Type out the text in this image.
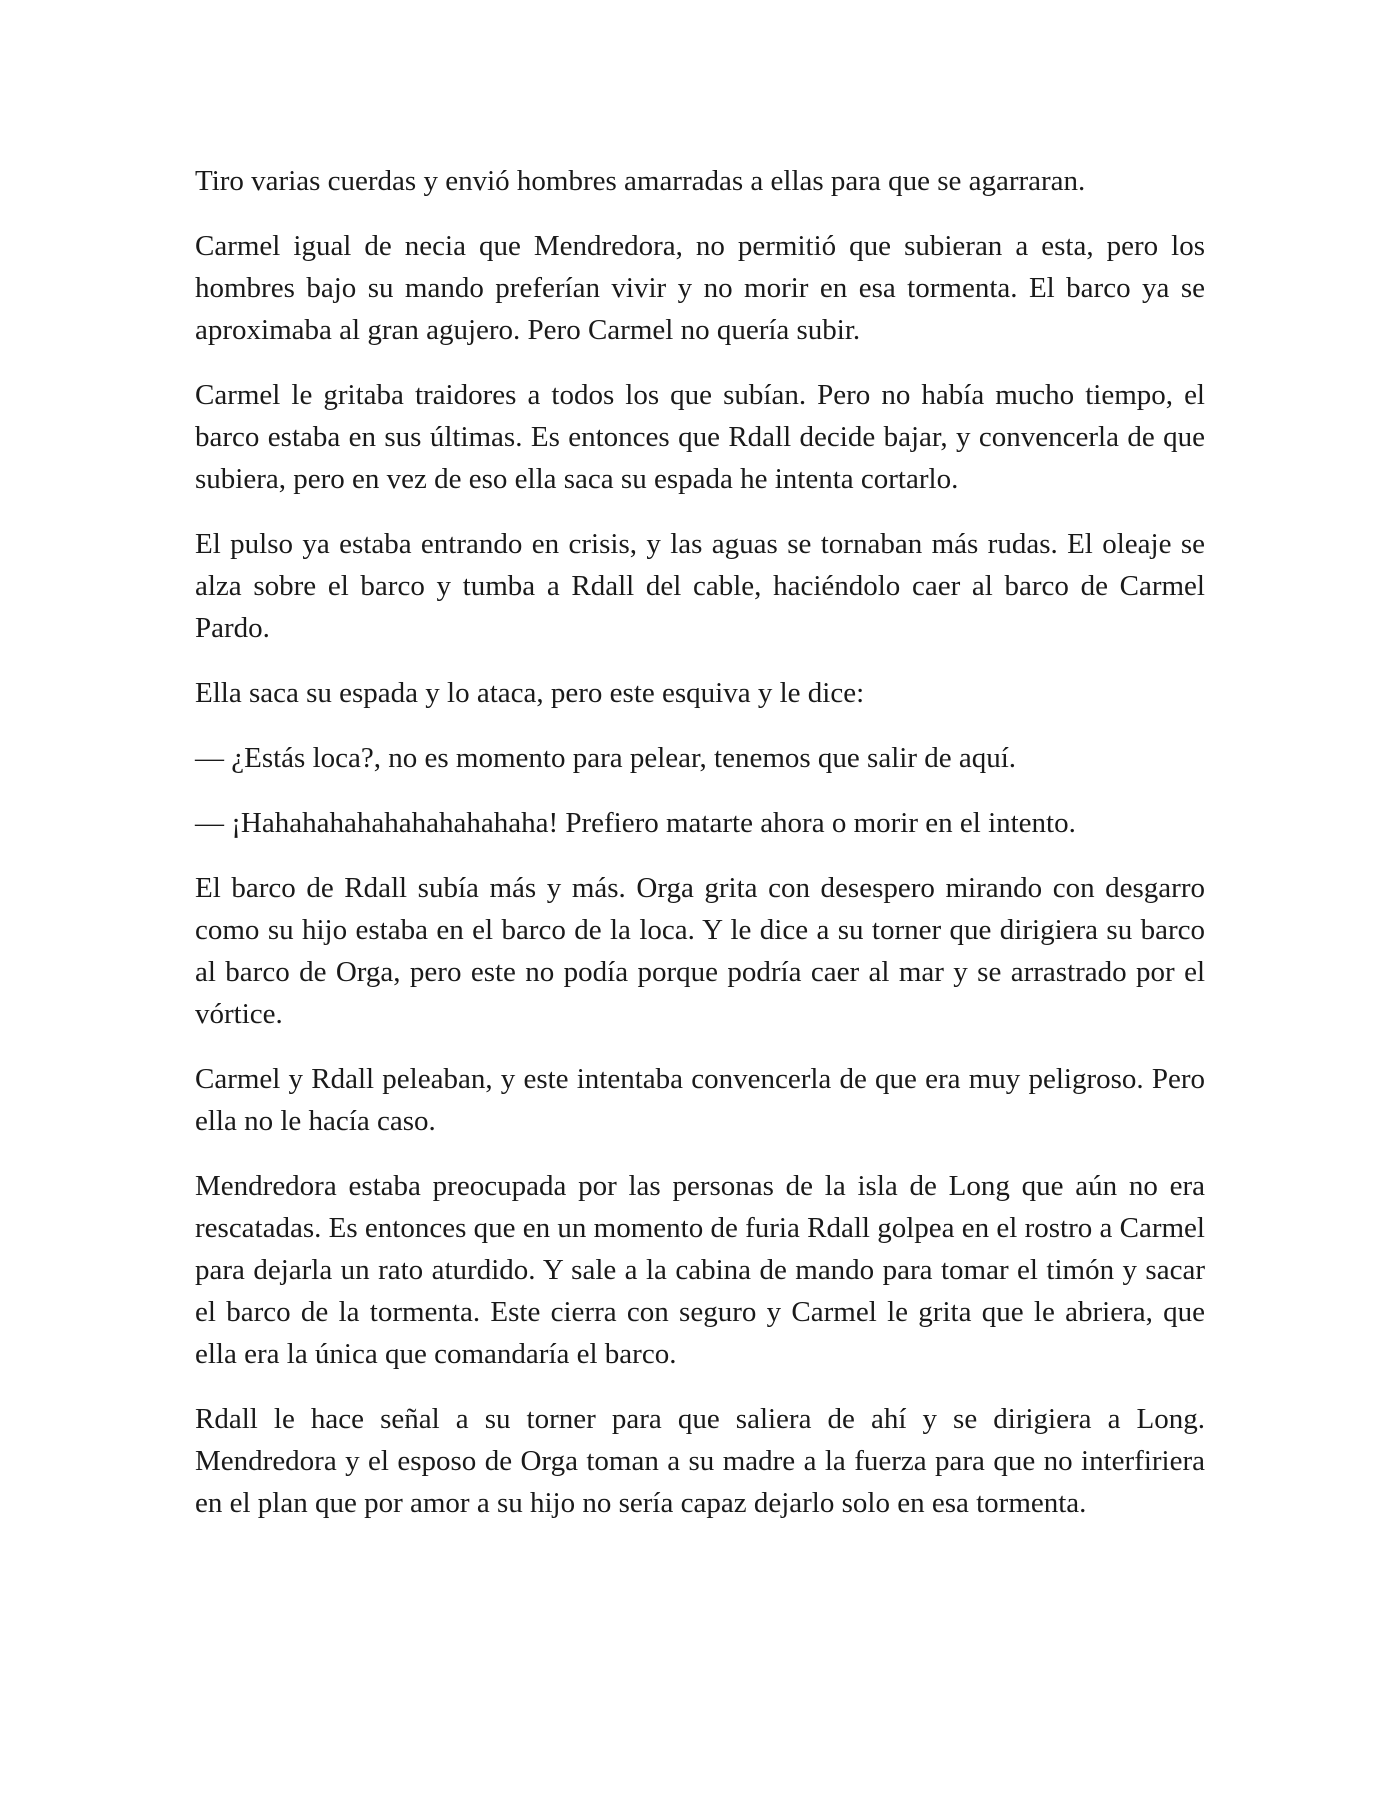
Tiro varias cuerdas y envió hombres amarradas a ellas para que se agarraran.

Carmel igual de necia que Mendredora, no permitió que subieran a esta, pero los hombres bajo su mando preferían vivir y no morir en esa tormenta. El barco ya se aproximaba al gran agujero. Pero Carmel no quería subir.

Carmel le gritaba traidores a todos los que subían. Pero no había mucho tiempo, el barco estaba en sus últimas. Es entonces que Rdall decide bajar, y convencerla de que subiera, pero en vez de eso ella saca su espada he intenta cortarlo.

El pulso ya estaba entrando en crisis, y las aguas se tornaban más rudas. El oleaje se alza sobre el barco y tumba a Rdall del cable, haciéndolo caer al barco de Carmel Pardo.

Ella saca su espada y lo ataca, pero este esquiva y le dice:

— ¿Estás loca?, no es momento para pelear, tenemos que salir de aquí.

— ¡Hahahahahahahahahahaha! Prefiero matarte ahora o morir en el intento.

El barco de Rdall subía más y más. Orga grita con desespero mirando con desgarro como su hijo estaba en el barco de la loca. Y le dice a su torner que dirigiera su barco al barco de Orga, pero este no podía porque podría caer al mar y se arrastrado por el vórtice.

Carmel y Rdall peleaban, y este intentaba convencerla de que era muy peligroso. Pero ella no le hacía caso.

Mendredora estaba preocupada por las personas de la isla de Long que aún no era rescatadas. Es entonces que en un momento de furia Rdall golpea en el rostro a Carmel para dejarla un rato aturdido. Y sale a la cabina de mando para tomar el timón y sacar el barco de la tormenta. Este cierra con seguro y Carmel le grita que le abriera, que ella era la única que comandaría el barco.

Rdall le hace señal a su torner para que saliera de ahí y se dirigiera a Long. Mendredora y el esposo de Orga toman a su madre a la fuerza para que no interfiriera en el plan que por amor a su hijo no sería capaz dejarlo solo en esa tormenta.
